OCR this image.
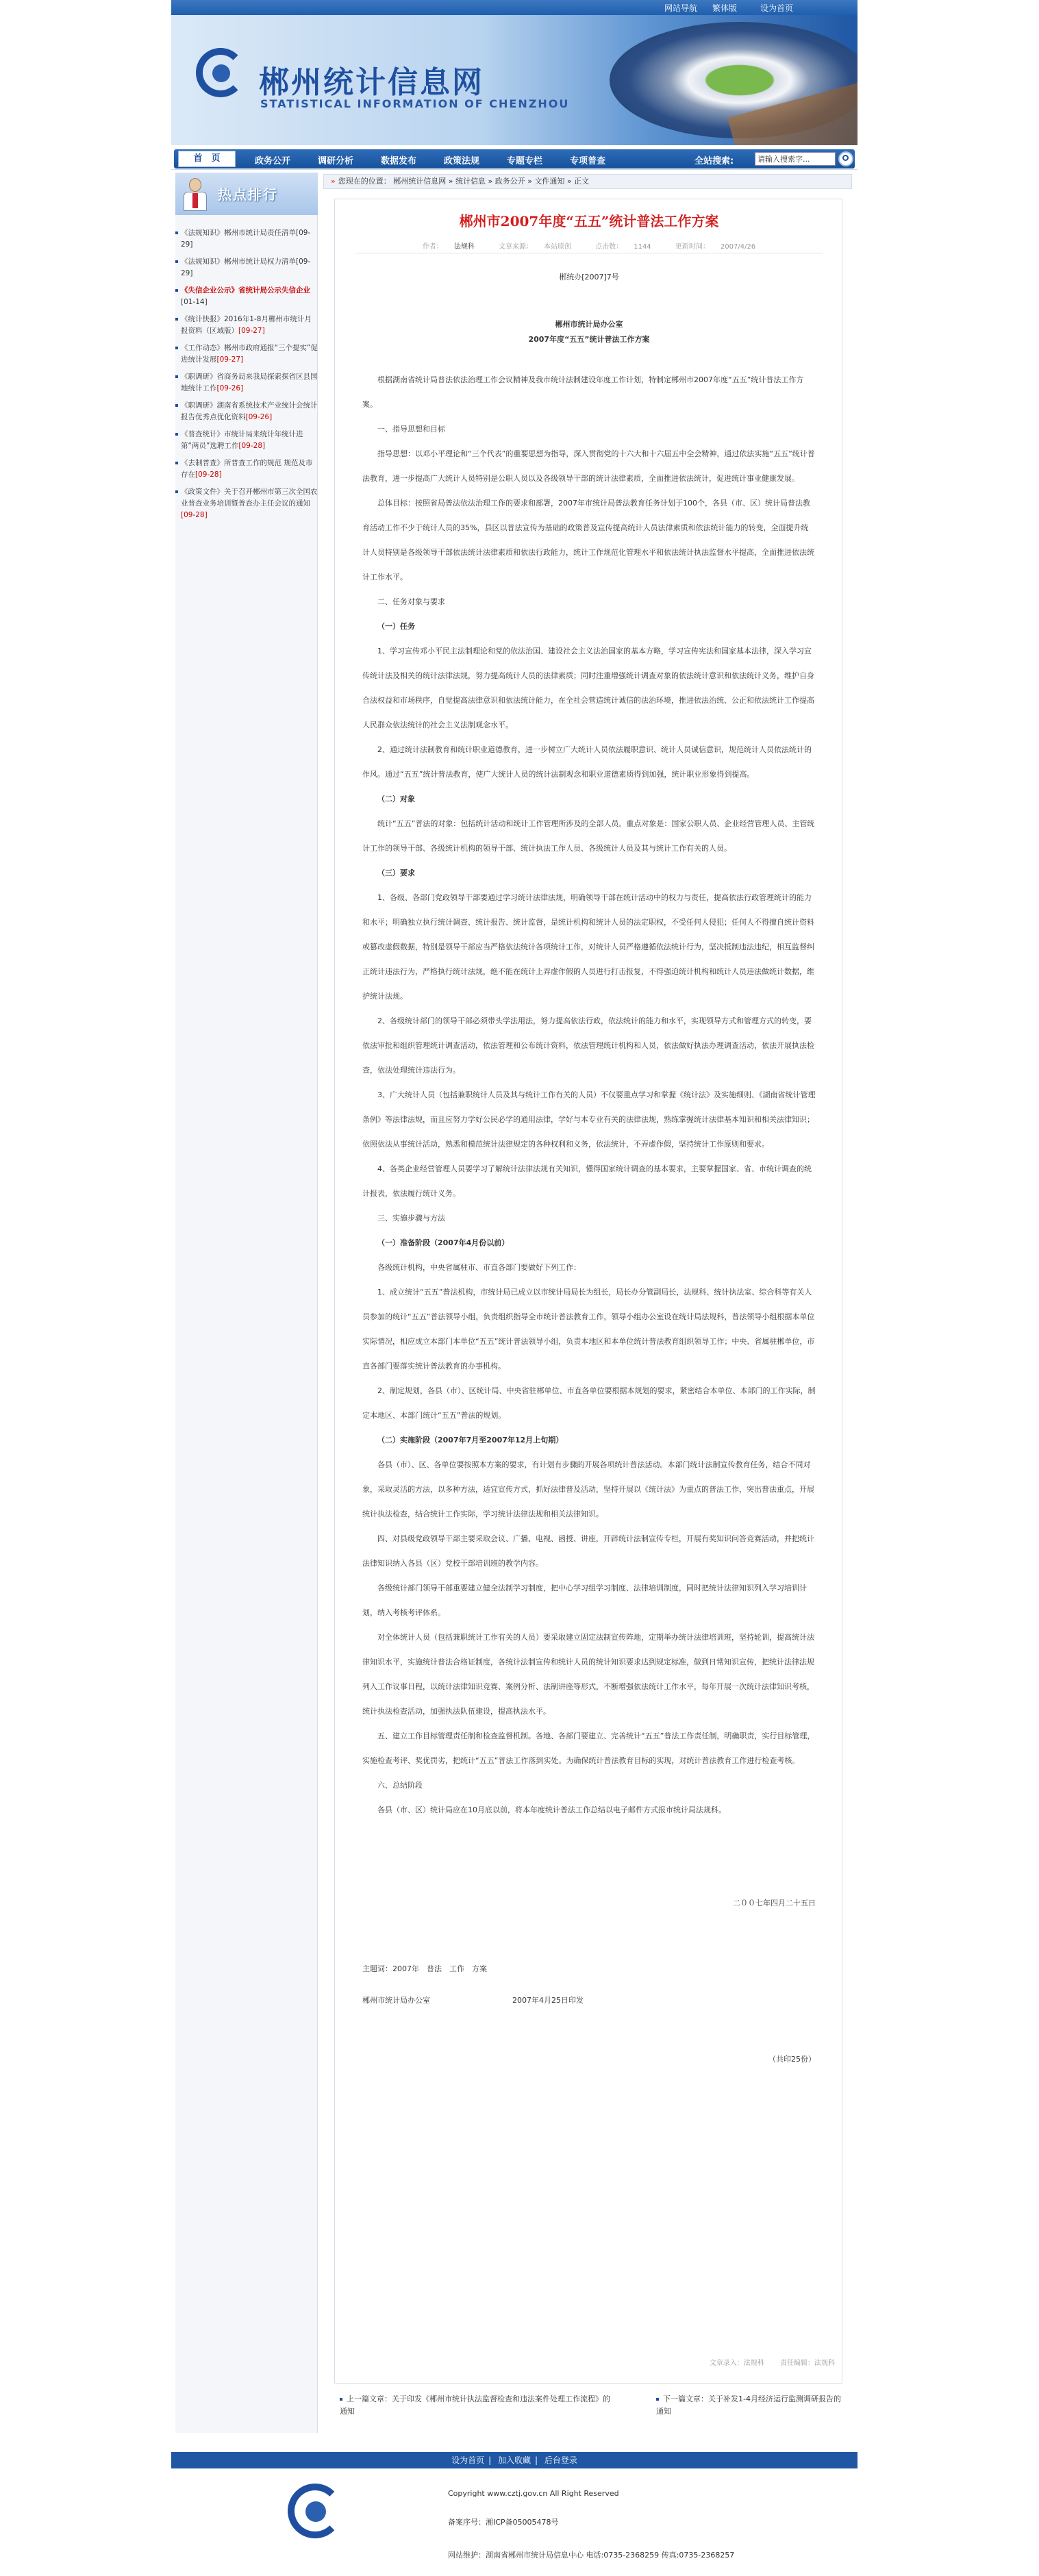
网站导航 繁体版	设为首页
郴州统计信息网
STATISTICAL INFORMATION OF CHENZHOU
首　页	政务公开	调研分析	数据发布	政策法规	专题专栏	专项普查	全站搜索:
请输入搜索字...
热点排行
《法规知识》郴州市统计局责任清单[09-29]
《法规知识》郴州市统计局权力清单[09-29]
《失信企业公示》省统计局公示失信企业[01-14]
《统计快报》2016年1-8月郴州市统计月报资料（区域版）[09-27]
《工作动态》郴州市政府通报“三个提实”促进统计发展[09-27]
《职调研》省商务局来我局探索探省区县国地统计工作[09-26]
《职调研》湖南省系统技术产业统计会统计报告优秀点优化资料[09-26]
《普查统计》市统计局来统计年统计进第“两员”选聘工作[09-28]
《去制普查》所普查工作的规范 规范及市存在[09-28]
《政策文件》关于召开郴州市第三次全国农业普查业务培训暨普查办主任会议的通知[09-28]
» 您现在的位置： 郴州统计信息网 » 统计信息 » 政务公开 » 文件通知 » 正文
郴州市2007年度“五五”统计普法工作方案
作者： 法规科	文章来源： 本站原创	点击数： 1144	更新时间： 2007/4/26

郴统办[2007]7号

郴州市统计局办公室

2007年度“五五”统计普法工作方案

根据湖南省统计局普法依法治理工作会议精神及我市统计法制建设年度工作计划，特制定郴州市2007年度“五五”统计普法工作方案。

一、指导思想和目标

指导思想：以邓小平理论和“三个代表”的重要思想为指导，深入贯彻党的十六大和十六届五中全会精神，通过依法实施“五五”统计普法教育，进一步提高广大统计人员特别是公职人员以及各级领导干部的统计法律素质，全面推进依法统计，促进统计事业健康发展。

总体目标：按照省局普法依法治理工作的要求和部署，2007年市统计局普法教育任务计划于100个，各县（市、区）统计局普法教育活动工作不少于统计人员的35%，县区以普法宣传为基础的政策普及宣传提高统计人员法律素质和依法统计能力的转变，全面提升统计人员特别是各级领导干部依法统计法律素质和依法行政能力，统计工作规范化管理水平和依法统计执法监督水平提高，全面推进依法统计工作水平。

二、任务对象与要求

（一）任务

1、学习宣传邓小平民主法制理论和党的依法治国、建设社会主义法治国家的基本方略，学习宣传宪法和国家基本法律，深入学习宣传统计法及相关的统计法律法规，努力提高统计人员的法律素质；同时注重增强统计调查对象的依法统计意识和依法统计义务，维护自身合法权益和市场秩序，自觉提高法律意识和依法统计能力，在全社会营造统计诚信的法治环境，推进依法治统、公正和依法统计工作提高人民群众依法统计的社会主义法制观念水平。

2、通过统计法制教育和统计职业道德教育，进一步树立广大统计人员依法履职意识、统计人员诚信意识，规范统计人员依法统计的作风。通过“五五”统计普法教育，使广大统计人员的统计法制观念和职业道德素质得到加强，统计职业形象得到提高。

（二）对象

统计“五五”普法的对象：包括统计活动和统计工作管理所涉及的全部人员。重点对象是：国家公职人员、企业经营管理人员、主管统计工作的领导干部、各级统计机构的领导干部、统计执法工作人员、各级统计人员及其与统计工作有关的人员。

（三）要求

1、各级、各部门党政领导干部要通过学习统计法律法规，明确领导干部在统计活动中的权力与责任，提高依法行政管理统计的能力和水平；明确独立执行统计调查、统计报告、统计监督，是统计机构和统计人员的法定职权，不受任何人侵犯；任何人不得擅自统计资料或篡改虚假数据，特别是领导干部应当严格依法统计各项统计工作，对统计人员严格遵循依法统计行为，坚决抵制违法违纪，相互监督纠正统计违法行为，严格执行统计法规，绝不能在统计上弄虚作假的人员进行打击报复，不得强迫统计机构和统计人员违法做统计数据，维护统计法规。

2、各级统计部门的领导干部必须带头学法用法，努力提高依法行政，依法统计的能力和水平，实现领导方式和管理方式的转变，要依法审批和组织管理统计调查活动，依法管理和公布统计资料，依法管理统计机构和人员，依法做好执法办理调查活动，依法开展执法检查，依法处理统计违法行为。

3、广大统计人员（包括兼职统计人员及其与统计工作有关的人员）不仅要重点学习和掌握《统计法》及实施细则、《湖南省统计管理条例》等法律法规，而且应努力学好公民必学的通用法律，学好与本专业有关的法律法规，熟练掌握统计法律基本知识和相关法律知识；依照依法从事统计活动，熟悉和模范统计法律规定的各种权利和义务，依法统计，不弄虚作假，坚持统计工作原则和要求。

4、各类企业经营管理人员要学习了解统计法律法规有关知识，懂得国家统计调查的基本要求，主要掌握国家、省、市统计调查的统计报表，依法履行统计义务。

三、实施步骤与方法

（一）准备阶段（2007年4月份以前）

各级统计机构，中央省属驻市、市直各部门要做好下列工作：

1、成立统计“五五”普法机构，市统计局已成立以市统计局局长为组长，局长办分管副局长，法规科、统计执法室、综合科等有关人员参加的统计“五五”普法领导小组，负责组织指导全市统计普法教育工作，领导小组办公室设在统计局法规科，普法领导小组根据本单位实际情况，相应成立本部门本单位“五五”统计普法领导小组，负责本地区和本单位统计普法教育组织领导工作；中央、省属驻郴单位，市直各部门要落实统计普法教育的办事机构。

2、制定规划，各县（市）、区统计局、中央省驻郴单位、市直各单位要根据本规划的要求，紧密结合本单位、本部门的工作实际，制定本地区、本部门统计“五五”普法的规划。

（二）实施阶段（2007年7月至2007年12月上旬期）

各县（市）、区、各单位要按照本方案的要求，有计划有步骤的开展各项统计普法活动。本部门统计法制宣传教育任务，结合不同对象，采取灵活的方法，以多种方法，适宜宣传方式，抓好法律普及活动，坚持开展以《统计法》为重点的普法工作，突出普法重点，开展统计执法检查，结合统计工作实际，学习统计法律法规和相关法律知识。

四、对县级党政领导干部主要采取会议、广播、电视、函授、讲座，开辟统计法制宣传专栏，开展有奖知识问答竞赛活动，并把统计法律知识纳入各县（区）党校干部培训班的教学内容。

各级统计部门领导干部重要建立健全法制学习制度，把中心学习组学习制度、法律培训制度，同时把统计法律知识列入学习培训计划，纳入考核考评体系。

对全体统计人员（包括兼职统计工作有关的人员）要采取建立固定法制宣传阵地，定期举办统计法律培训班，坚持轮训，提高统计法律知识水平，实施统计普法合格证制度，各统计法制宣传和统计人员的统计知识要求达到规定标准，做到日常知识宣传，把统计法律法规列入工作议事日程，以统计法律知识竞赛、案例分析、法制讲座等形式，不断增强依法统计工作水平，每年开展一次统计法律知识考核，统计执法检查活动，加强执法队伍建设，提高执法水平。

五、建立工作目标管理责任制和检查监督机制。各地、各部门要建立、完善统计“五五”普法工作责任制，明确职责，实行目标管理，实施检查考评、奖优罚劣，把统计“五五”普法工作落到实处。为确保统计普法教育目标的实现，对统计普法教育工作进行检查考核。

六、总结阶段

各县（市、区）统计局应在10月底以前，将本年度统计普法工作总结以电子邮件方式报市统计局法规科。

二００七年四月二十五日

主题词：2007年　普法　工作　方案

郴州市统计局办公室	2007年4月25日印发

（共印25份）

文章录入：法规科 责任编辑：法规科
上一篇文章：关于印发《郴州市统计执法监督检查和违法案件处理工作流程》的通知
下一篇文章：关于补发1-4月经济运行监测调研报告的通知
设为首页 | 加入收藏 | 后台登录
Copyright www.cztj.gov.cn All Right Reserved
备案序号：湘ICP备05005478号
网站维护：湖南省郴州市统计局信息中心 电话:0735-2368259 传真:0735-2368257
